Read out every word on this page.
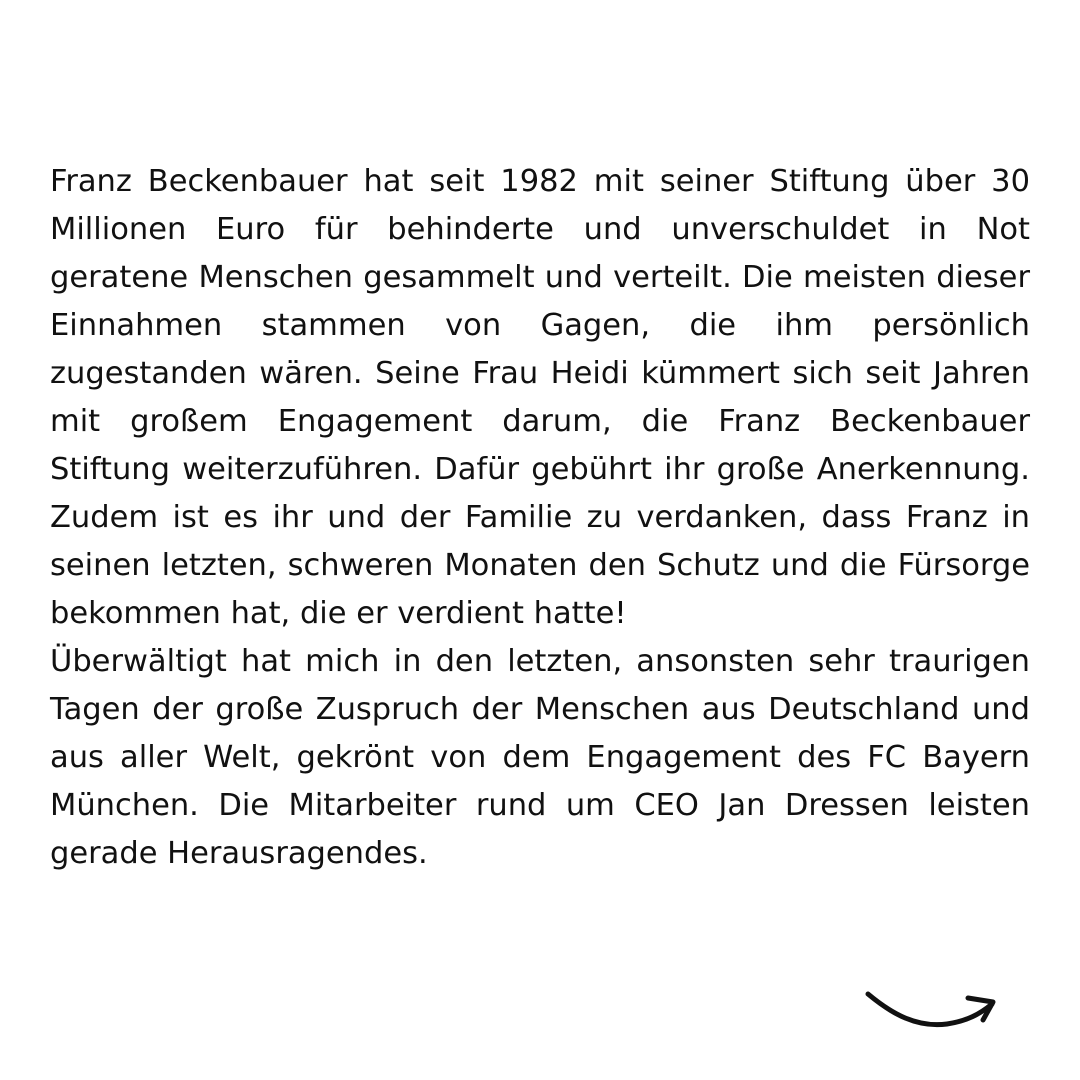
Franz Beckenbauer hat seit 1982 mit seiner Stiftung über 30 Millionen Euro für behinderte und unverschuldet in Not geratene Menschen gesammelt und verteilt. Die meisten dieser Einnahmen stammen von Gagen, die ihm persönlich zugestanden wären. Seine Frau Heidi kümmert sich seit Jahren mit großem Engagement darum, die Franz Beckenbauer Stiftung weiterzuführen. Dafür gebührt ihr große Anerkennung. Zudem ist es ihr und der Familie zu verdanken, dass Franz in seinen letzten, schweren Monaten den Schutz und die Fürsorge bekommen hat, die er verdient hatte!

Überwältigt hat mich in den letzten, ansonsten sehr traurigen Tagen der große Zuspruch der Menschen aus Deutschland und aus aller Welt, gekrönt von dem Engagement des FC Bayern München. Die Mitarbeiter rund um CEO Jan Dressen leisten gerade Herausragendes.
